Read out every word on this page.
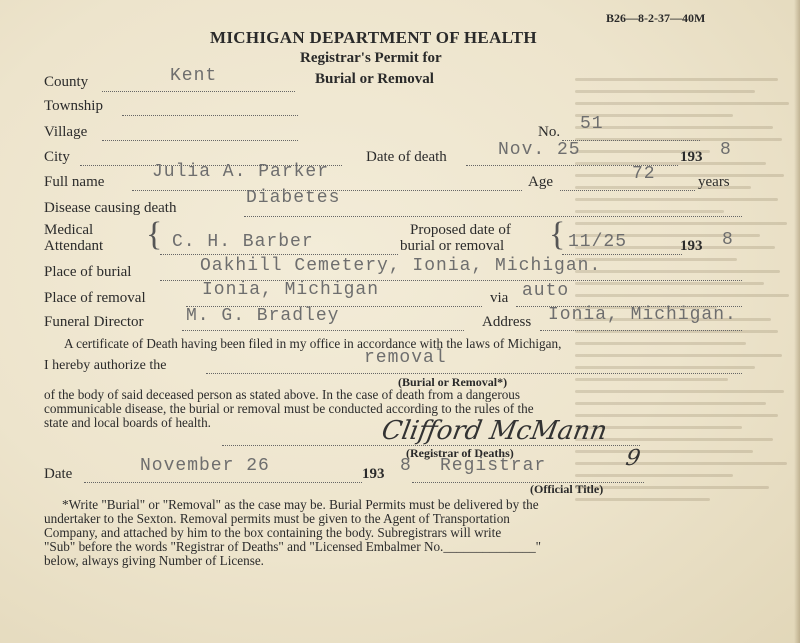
B26—8-2-37—40M
MICHIGAN DEPARTMENT OF HEALTH
Registrar's Permit for
Burial or Removal
County	Kent
Township
Village	No. 51
City	Date of death	Nov. 25	193 8
Full name	Julia A. Parker	Age	72	years
Disease causing death	Diabetes
Medical
Attendant { C. H. Barber
Proposed date of
burial or removal { 11/25	193 8
Place of burial	Oakhill Cemetery, Ionia, Michigan.
Place of removal	Ionia, Michigan	via auto
Funeral Director M. G. Bradley	Address Ionia, Michigan.
A certificate of Death having been filed in my office in accordance with the laws of Michigan,
I hereby authorize the	removal
(Burial or Removal*)
of the body of said deceased person as stated above. In the case of death from a dangerous
communicable disease, the burial or removal must be conducted according to the rules of the
state and local boards of health.	Clifford McMann
(Registrar of Deaths)
Date	November 26	193 8 Registrar	9
(Official Title)
*Write "Burial" or "Removal" as the case may be. Burial Permits must be delivered by the
undertaker to the Sexton. Removal permits must be given to the Agent of Transportation
Company, and attached by him to the box containing the body. Subregistrars will write
"Sub" before the words "Registrar of Deaths" and "Licensed Embalmer No.______________"
below, always giving Number of License.
